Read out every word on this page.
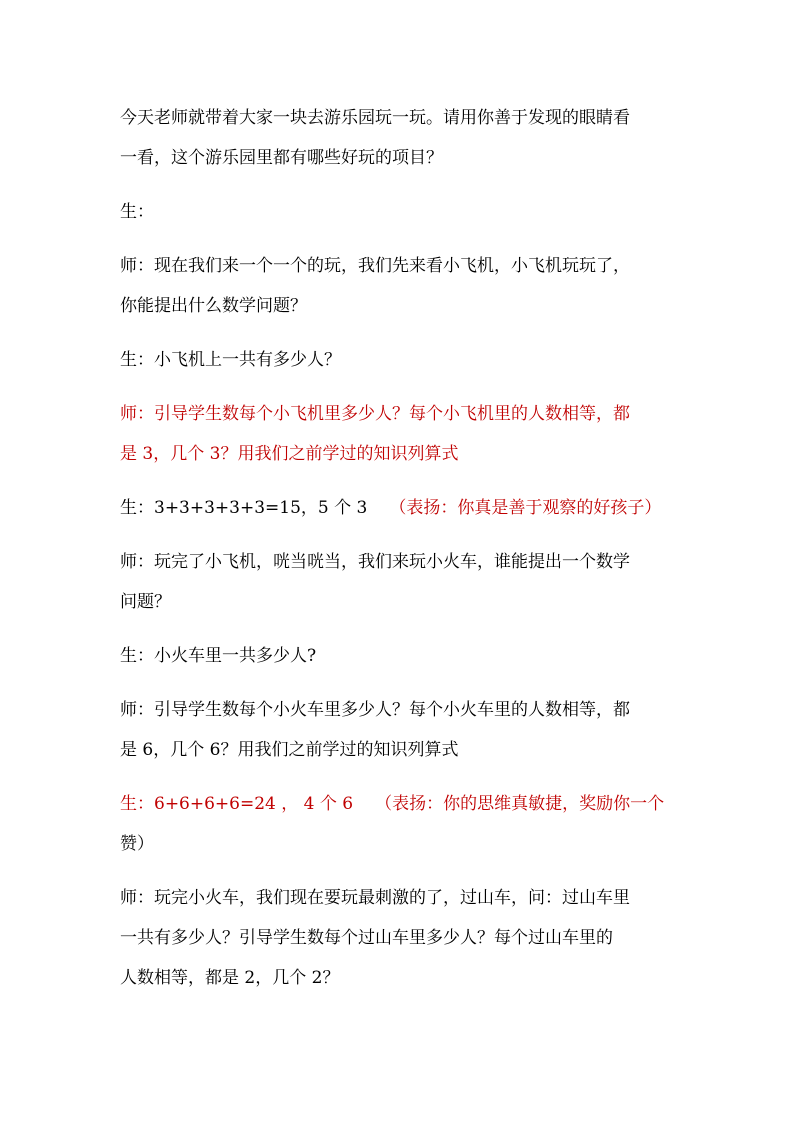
今天老师就带着大家一块去游乐园玩一玩。请用你善于发现的眼睛看
一看，这个游乐园里都有哪些好玩的项目？

生：

师：现在我们来一个一个的玩，我们先来看小飞机，小飞机玩玩了，
你能提出什么数学问题？

生：小飞机上一共有多少人？

师：引导学生数每个小飞机里多少人？每个小飞机里的人数相等，都
是 3，几个 3？用我们之前学过的知识列算式

生：3+3+3+3+3=15，5 个 3 （表扬：你真是善于观察的好孩子）

师：玩完了小飞机，咣当咣当，我们来玩小火车，谁能提出一个数学
问题？

生：小火车里一共多少人?

师：引导学生数每个小火车里多少人？每个小火车里的人数相等，都
是 6，几个 6？用我们之前学过的知识列算式

生：6+6+6+6=24 ， 4 个 6 （表扬：你的思维真敏捷，奖励你一个
赞）

师：玩完小火车，我们现在要玩最刺激的了，过山车，问：过山车里
一共有多少人？引导学生数每个过山车里多少人？每个过山车里的
人数相等，都是 2，几个 2？
